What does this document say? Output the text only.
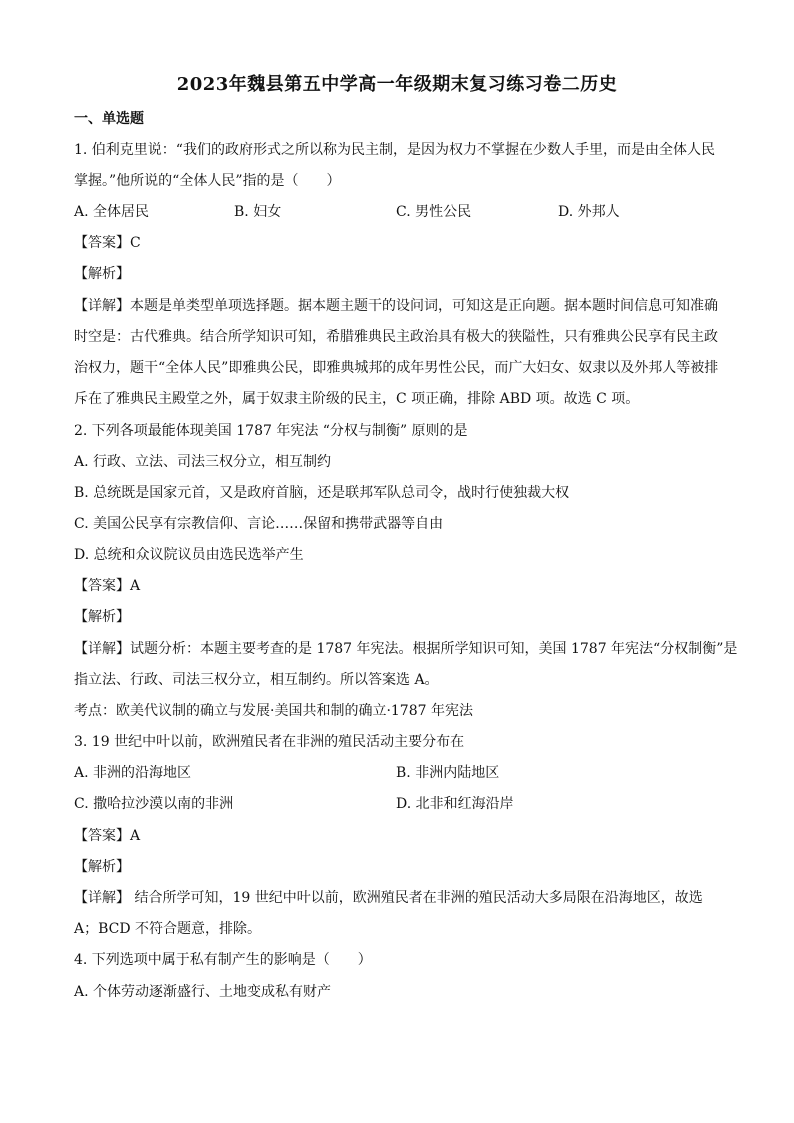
2023年魏县第五中学高一年级期末复习练习卷二历史
一、单选题
1. 伯利克里说：“我们的政府形式之所以称为民主制，是因为权力不掌握在少数人手里，而是由全体人民
掌握。”他所说的“全体人民”指的是（　　）
A. 全体居民	B. 妇女	C. 男性公民	D. 外邦人
【答案】C
【解析】
【详解】本题是单类型单项选择题。据本题主题干的设问词，可知这是正向题。据本题时间信息可知准确
时空是：古代雅典。结合所学知识可知，希腊雅典民主政治具有极大的狭隘性，只有雅典公民享有民主政
治权力，题干“全体人民”即雅典公民，即雅典城邦的成年男性公民，而广大妇女、奴隶以及外邦人等被排
斥在了雅典民主殿堂之外，属于奴隶主阶级的民主，C 项正确，排除 ABD 项。故选 C 项。
2. 下列各项最能体现美国 1787 年宪法 “分权与制衡” 原则的是
A. 行政、立法、司法三权分立，相互制约
B. 总统既是国家元首，又是政府首脑，还是联邦军队总司令，战时行使独裁大权
C. 美国公民享有宗教信仰、言论……保留和携带武器等自由
D. 总统和众议院议员由选民选举产生
【答案】A
【解析】
【详解】试题分析：本题主要考查的是 1787 年宪法。根据所学知识可知，美国 1787 年宪法“分权制衡”是
指立法、行政、司法三权分立，相互制约。所以答案选 A。
考点：欧美代议制的确立与发展·美国共和制的确立·1787 年宪法
3. 19 世纪中叶以前，欧洲殖民者在非洲的殖民活动主要分布在
A. 非洲的沿海地区	B. 非洲内陆地区
C. 撒哈拉沙漠以南的非洲	D. 北非和红海沿岸
【答案】A
【解析】
【详解】 结合所学可知，19 世纪中叶以前，欧洲殖民者在非洲的殖民活动大多局限在沿海地区，故选
A；BCD 不符合题意，排除。
4. 下列选项中属于私有制产生的影响是（　　）
A. 个体劳动逐渐盛行、土地变成私有财产
